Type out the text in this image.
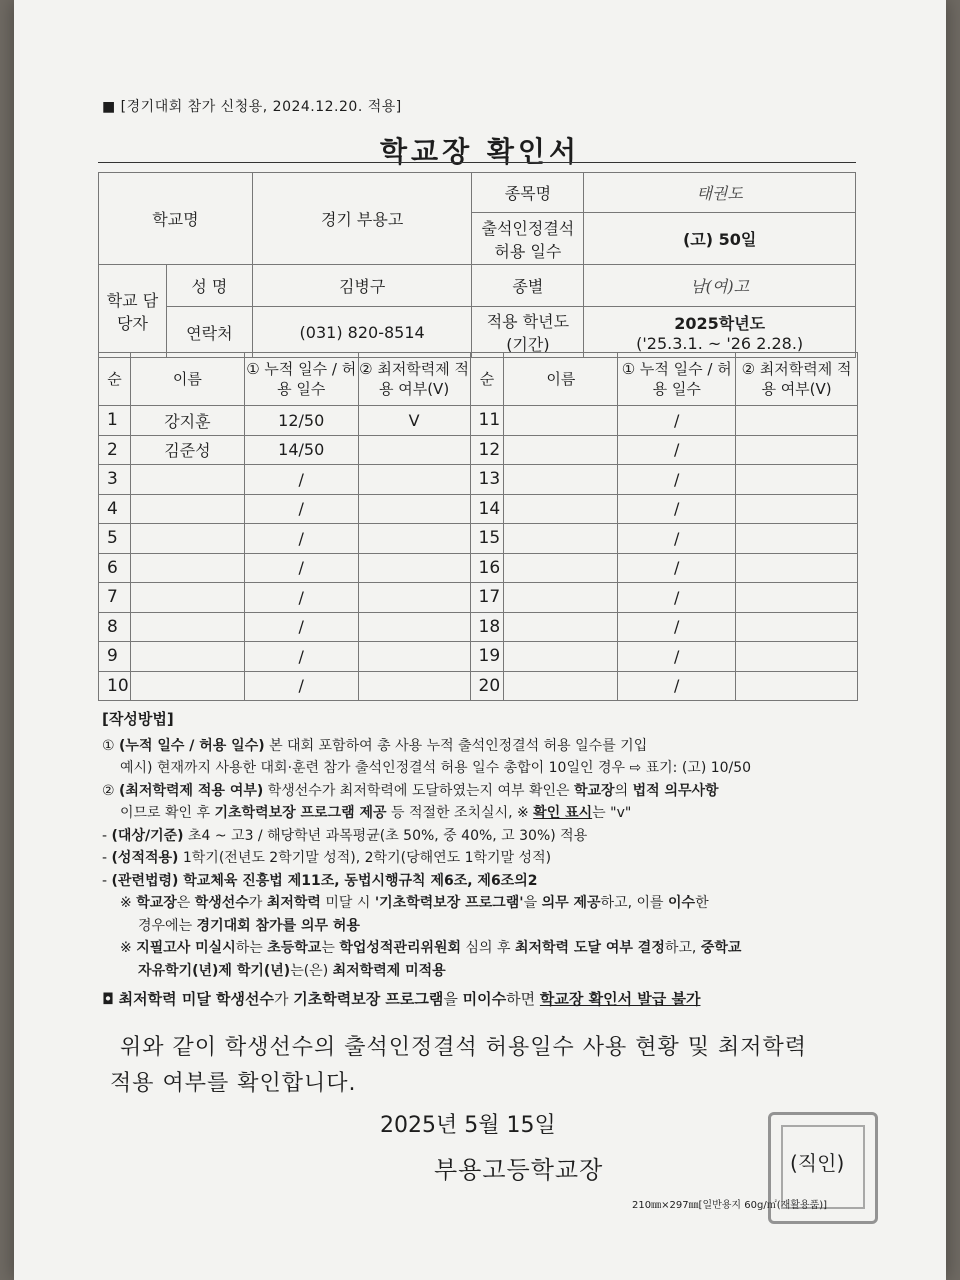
■ [경기대회 참가 신청용, 2024.12.20. 적용]
학교장 확인서
학교명		경기 부용고	종목명	태권도
			출석인정결석 허용 일수	(고) 50일
학교 담당자	성 명	김병구	종별	남(여)고
	연락처	(031) 820-8514	적용 학년도 (기간)	2025학년도
('25.3.1. ~ '26 2.28.)
순	이름	① 누적 일수 / 허용 일수	② 최저학력제 적용 여부(V)	순	이름	① 누적 일수 / 허용 일수	② 최저학력제 적용 여부(V)
1	강지훈	12/50	V	11		/	
2	김준성	14/50		12		/	
3		/		13		/	
4		/		14		/	
5		/		15		/	
6		/		16		/	
7		/		17		/	
8		/		18		/	
9		/		19		/	
10		/		20		/	
[작성방법]
① (누적 일수 / 허용 일수) 본 대회 포함하여 총 사용 누적 출석인정결석 허용 일수를 기입
예시) 현재까지 사용한 대회·훈련 참가 출석인정결석 허용 일수 총합이 10일인 경우 ⇨ 표기: (고) 10/50
② (최저학력제 적용 여부) 학생선수가 최저학력에 도달하였는지 여부 확인은 학교장의 법적 의무사항
이므로 확인 후 기초학력보장 프로그램 제공 등 적절한 조치실시, ※ 확인 표시는 "v"
- (대상/기준) 초4 ~ 고3 / 해당학년 과목평균(초 50%, 중 40%, 고 30%) 적용
- (성적적용) 1학기(전년도 2학기말 성적), 2학기(당해연도 1학기말 성적)
- (관련법령) 학교체육 진흥법 제11조, 동법시행규칙 제6조, 제6조의2
※ 학교장은 학생선수가 최저학력 미달 시 '기초학력보장 프로그램'을 의무 제공하고, 이를 이수한
경우에는 경기대회 참가를 의무 허용
※ 지필고사 미실시하는 초등학교는 학업성적관리위원회 심의 후 최저학력 도달 여부 결정하고, 중학교
자유학기(년)제 학기(년)는(은) 최저학력제 미적용
◘ 최저학력 미달 학생선수가 기초학력보장 프로그램을 미이수하면 학교장 확인서 발급 불가
위와 같이 학생선수의 출석인정결석 허용일수 사용 현황 및 최저학력
적용 여부를 확인합니다.
2025년 5월 15일
부용고등학교장	(직인)
210㎜×297㎜[일반용지 60g/㎡(재활용품)]
